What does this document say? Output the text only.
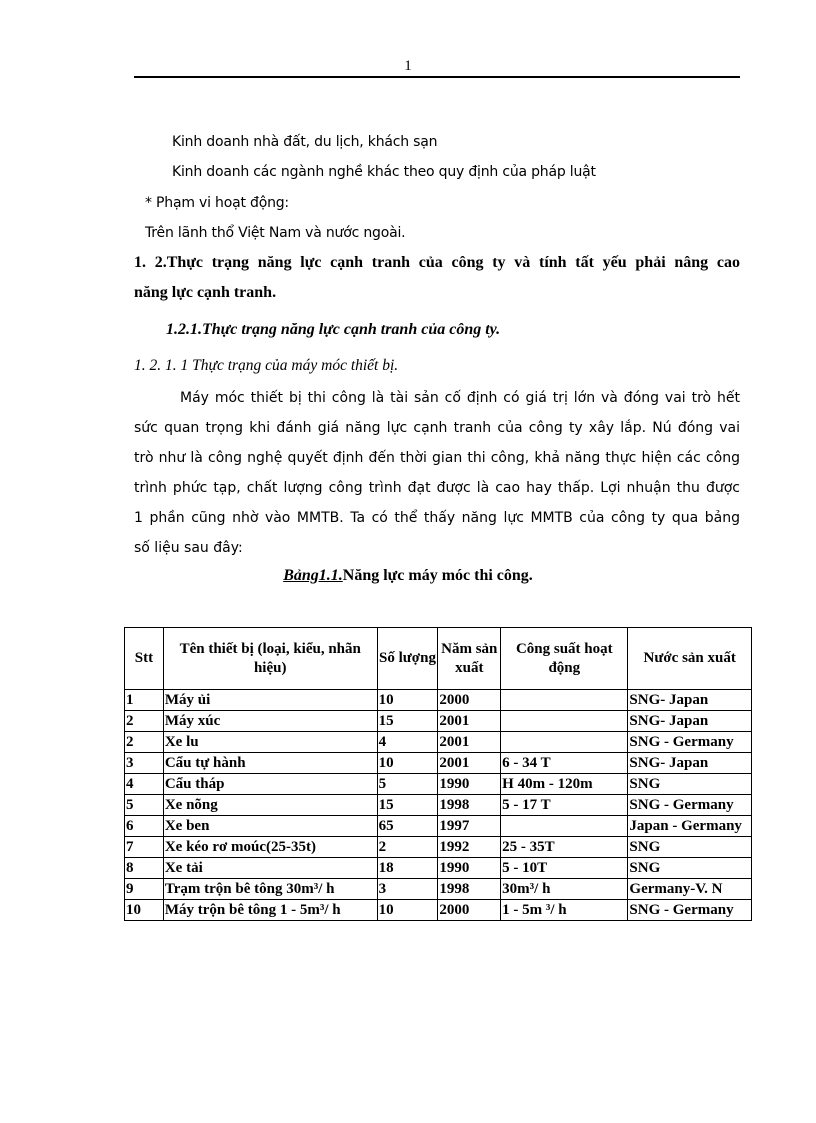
1
Kinh doanh nhà đất, du lịch, khách sạn
Kinh doanh các ngành nghề khác theo quy định của pháp luật
* Phạm vi hoạt động:
Trên lãnh thổ Việt Nam và nước ngoài.
1. 2.Thực trạng năng lực cạnh tranh của công ty và tính tất yếu phải nâng cao
năng lực cạnh tranh.
1.2.1.Thực trạng năng lực cạnh tranh của công ty.
1. 2. 1. 1 Thực trạng của máy móc thiết bị.
Máy móc thiết bị thi công là tài sản cố định có giá trị lớn và đóng vai trò hết
sức quan trọng khi đánh giá năng lực cạnh tranh của công ty xây lắp. Nú đóng vai
trò như là công nghệ quyết định đến thời gian thi công, khả năng thực hiện các công
trình phức tạp, chất lượng công trình đạt được là cao hay thấp. Lợi nhuận thu được
1 phần cũng nhờ vào MMTB. Ta có thể thấy năng lực MMTB của công ty qua bảng
số liệu sau đây:
Bảng1.1.Năng lực máy móc thi công.
Stt	Tên thiết bị (loại, kiểu, nhãn hiệu)	Số lượng	Năm sản xuất	Công suất hoạt động	Nước sản xuất
1	Máy ủi	10	2000		SNG- Japan
2	Máy xúc	15	2001		SNG- Japan
2	Xe lu	4	2001		SNG - Germany
3	Cẩu tự hành	10	2001	6 - 34 T	SNG- Japan
4	Cẩu tháp	5	1990	H 40m - 120m	SNG
5	Xe nõng	15	1998	5 - 17 T	SNG - Germany
6	Xe ben	65	1997		Japan - Germany
7	Xe kéo rơ moúc(25-35t)	2	1992	25 - 35T	SNG
8	Xe tải	18	1990	5 - 10T	SNG
9	Trạm trộn bê tông 30m³/ h	3	1998	30m³/ h	Germany-V. N
10	Máy trộn bê tông 1 - 5m³/ h	10	2000	1 - 5m ³/ h	SNG - Germany
